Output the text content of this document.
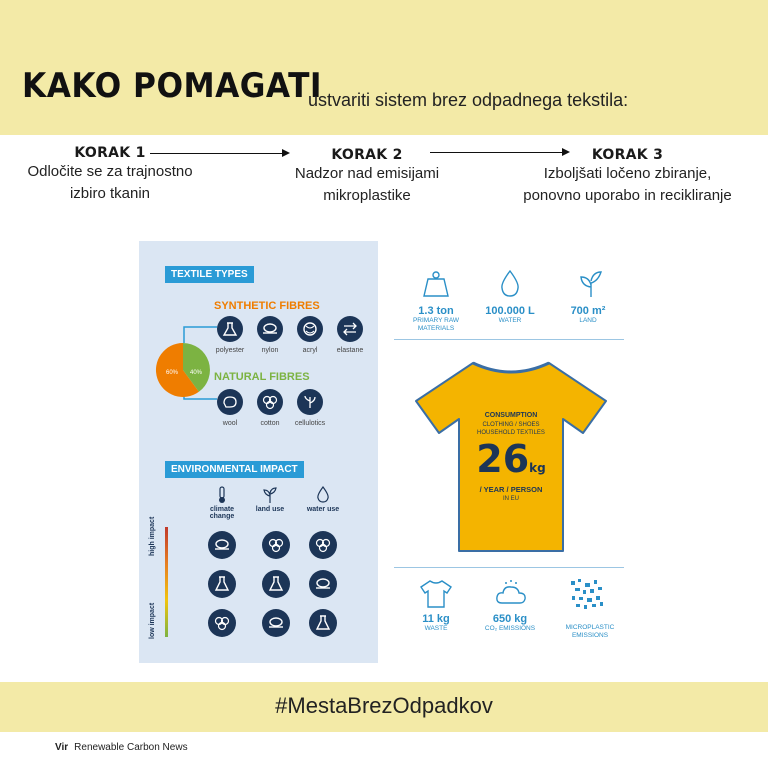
KAKO POMAGATI
ustvariti sistem brez odpadnega tekstila:
KORAK 1
Odločite se za trajnostno
izbiro tkanin
KORAK 2
Nadzor nad emisijami
mikroplastike
KORAK 3
Izboljšati ločeno zbiranje,
ponovno uporabo in recikliranje
TEXTILE TYPES
SYNTHETIC FIBRES
60% 40%
polyester	nylon	acryl	elastane
NATURAL FIBRES
wool	cotton	cellulotics
ENVIRONMENTAL IMPACT
climate change
land use	water use
high impact
low impact
1.3 ton
PRIMARY RAW
MATERIALS
100.000 L
WATER
700 m²
LAND
CONSUMPTION
CLOTHING / SHOES
HOUSEHOLD TEXTILES
26kg
/ YEAR / PERSON
IN EU
11 kg
WASTE
650 kg
CO₂ EMISSIONS	MICROPLASTIC
EMISSIONS
#MestaBrezOdpadkov
Vir Renewable Carbon News
